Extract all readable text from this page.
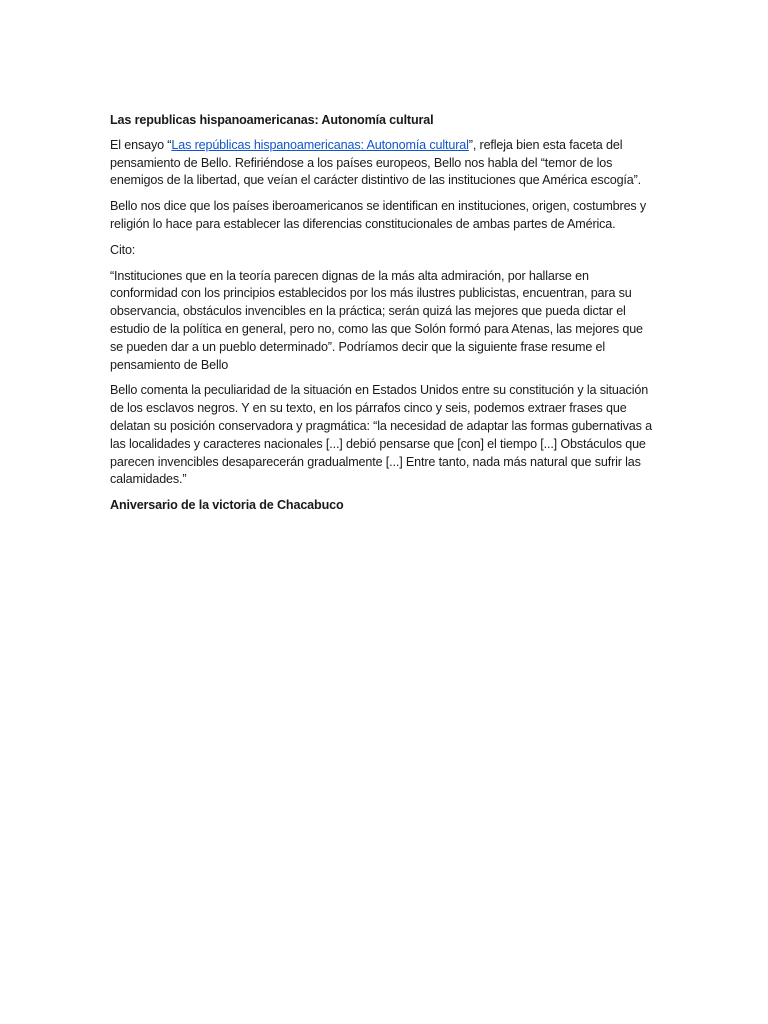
Las republicas hispanoamericanas: Autonomía cultural

El ensayo “Las repúblicas hispanoamericanas: Autonomía cultural”, refleja bien esta faceta del pensamiento de Bello. Refiriéndose a los países europeos, Bello nos habla del “temor de los enemigos de la libertad, que veían el carácter distintivo de las instituciones que América escogía”.

Bello nos dice que los países iberoamericanos se identifican en instituciones, origen, costumbres y religión lo hace para establecer las diferencias constitucionales de ambas partes de América.

Cito:

“Instituciones que en la teoría parecen dignas de la más alta admiración, por hallarse en conformidad con los principios establecidos por los más ilustres publicistas, encuentran, para su observancia, obstáculos invencibles en la práctica; serán quizá las mejores que pueda dictar el estudio de la política en general, pero no, como las que Solón formó para Atenas, las mejores que se pueden dar a un pueblo determinado”. Podríamos decir que la siguiente frase resume el pensamiento de Bello

Bello comenta la peculiaridad de la situación en Estados Unidos entre su constitución y la situación de los esclavos negros. Y en su texto, en los párrafos cinco y seis, podemos extraer frases que delatan su posición conservadora y pragmática: “la necesidad de adaptar las formas gubernativas a las localidades y caracteres nacionales [...] debió pensarse que [con] el tiempo [...] Obstáculos que parecen invencibles desaparecerán gradualmente [...] Entre tanto, nada más natural que sufrir las calamidades.”

Aniversario de la victoria de Chacabuco
